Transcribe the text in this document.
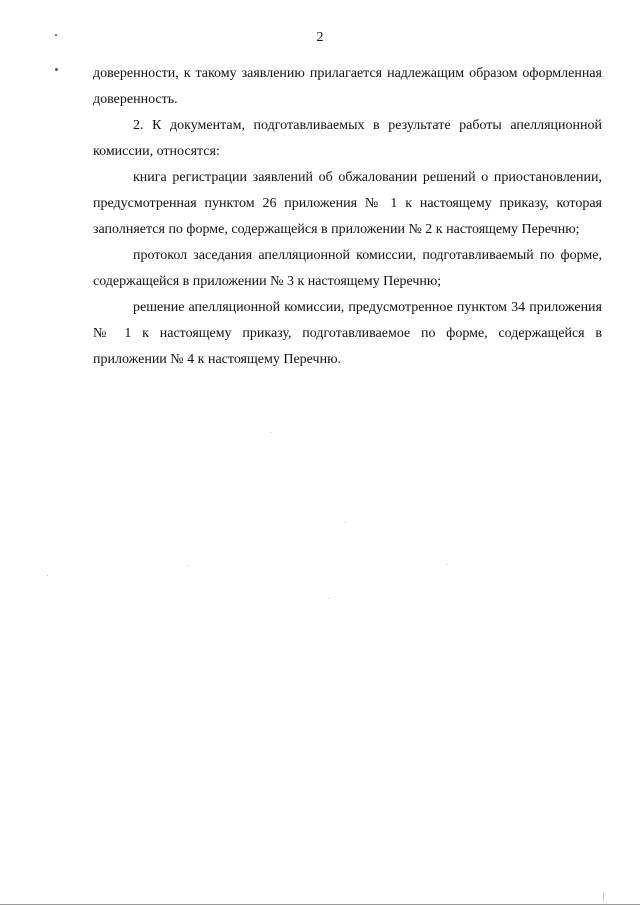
2

доверенности, к такому заявлению прилагается надлежащим образом оформленная доверенность.

2. К документам, подготавливаемых в результате работы апелляционной комиссии, относятся:

книга регистрации заявлений об обжаловании решений о приостановлении, предусмотренная пунктом 26 приложения № 1 к настоящему приказу, которая заполняется по форме, содержащейся в приложении № 2 к настоящему Перечню;

протокол заседания апелляционной комиссии, подготавливаемый по форме, содержащейся в приложении № 3 к настоящему Перечню;

решение апелляционной комиссии, предусмотренное пунктом 34 приложения № 1 к настоящему приказу, подготавливаемое по форме, содержащейся в приложении № 4 к настоящему Перечню.
